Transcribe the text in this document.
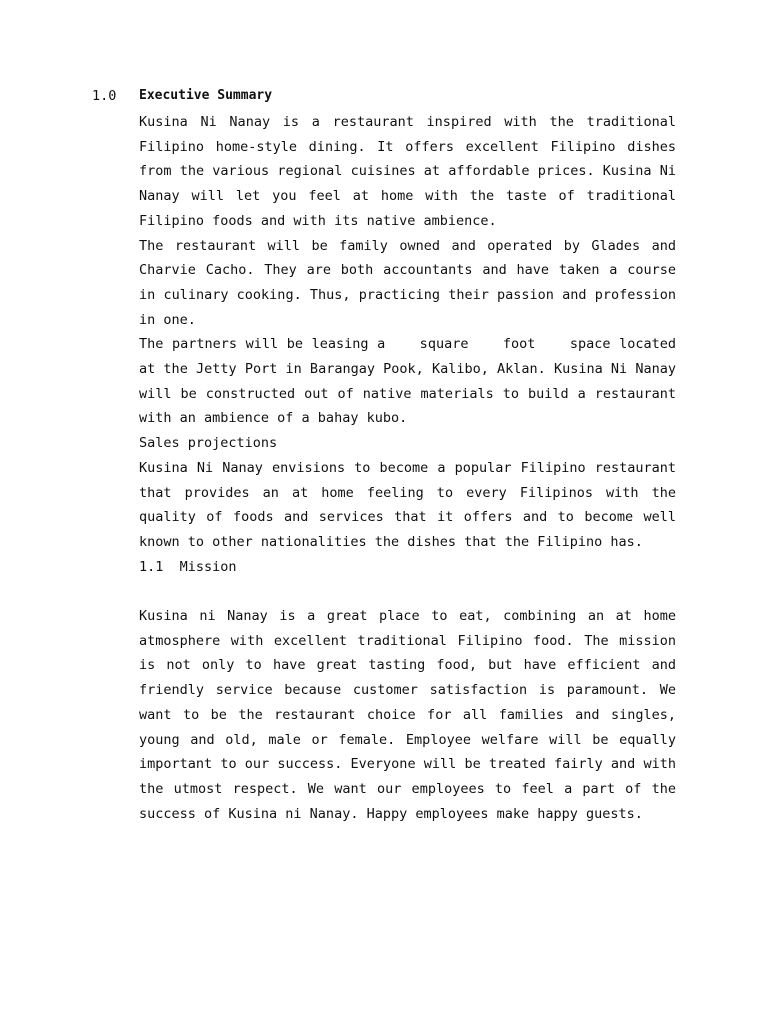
1.0 Executive Summary

Kusina Ni Nanay is a restaurant inspired with the traditional Filipino home-style dining. It offers excellent Filipino dishes from the various regional cuisines at affordable prices. Kusina Ni Nanay will let you feel at home with the taste of traditional Filipino foods and with its native ambience.

The restaurant will be family owned and operated by Glades and Charvie Cacho. They are both accountants and have taken a course in culinary cooking. Thus, practicing their passion and profession in one.

The partners will be leasing a    square    foot    space located at the Jetty Port in Barangay Pook, Kalibo, Aklan. Kusina Ni Nanay will be constructed out of native materials to build a restaurant with an ambience of a bahay kubo.

Sales projections

Kusina Ni Nanay envisions to become a popular Filipino restaurant that provides an at home feeling to every Filipinos with the quality of foods and services that it offers and to become well known to other nationalities the dishes that the Filipino has.

1.1 Mission

Kusina ni Nanay is a great place to eat, combining an at home atmosphere with excellent traditional Filipino food. The mission is not only to have great tasting food, but have efficient and friendly service because customer satisfaction is paramount. We want to be the restaurant choice for all families and singles, young and old, male or female. Employee welfare will be equally important to our success. Everyone will be treated fairly and with the utmost respect. We want our employees to feel a part of the success of Kusina ni Nanay. Happy employees make happy guests.
